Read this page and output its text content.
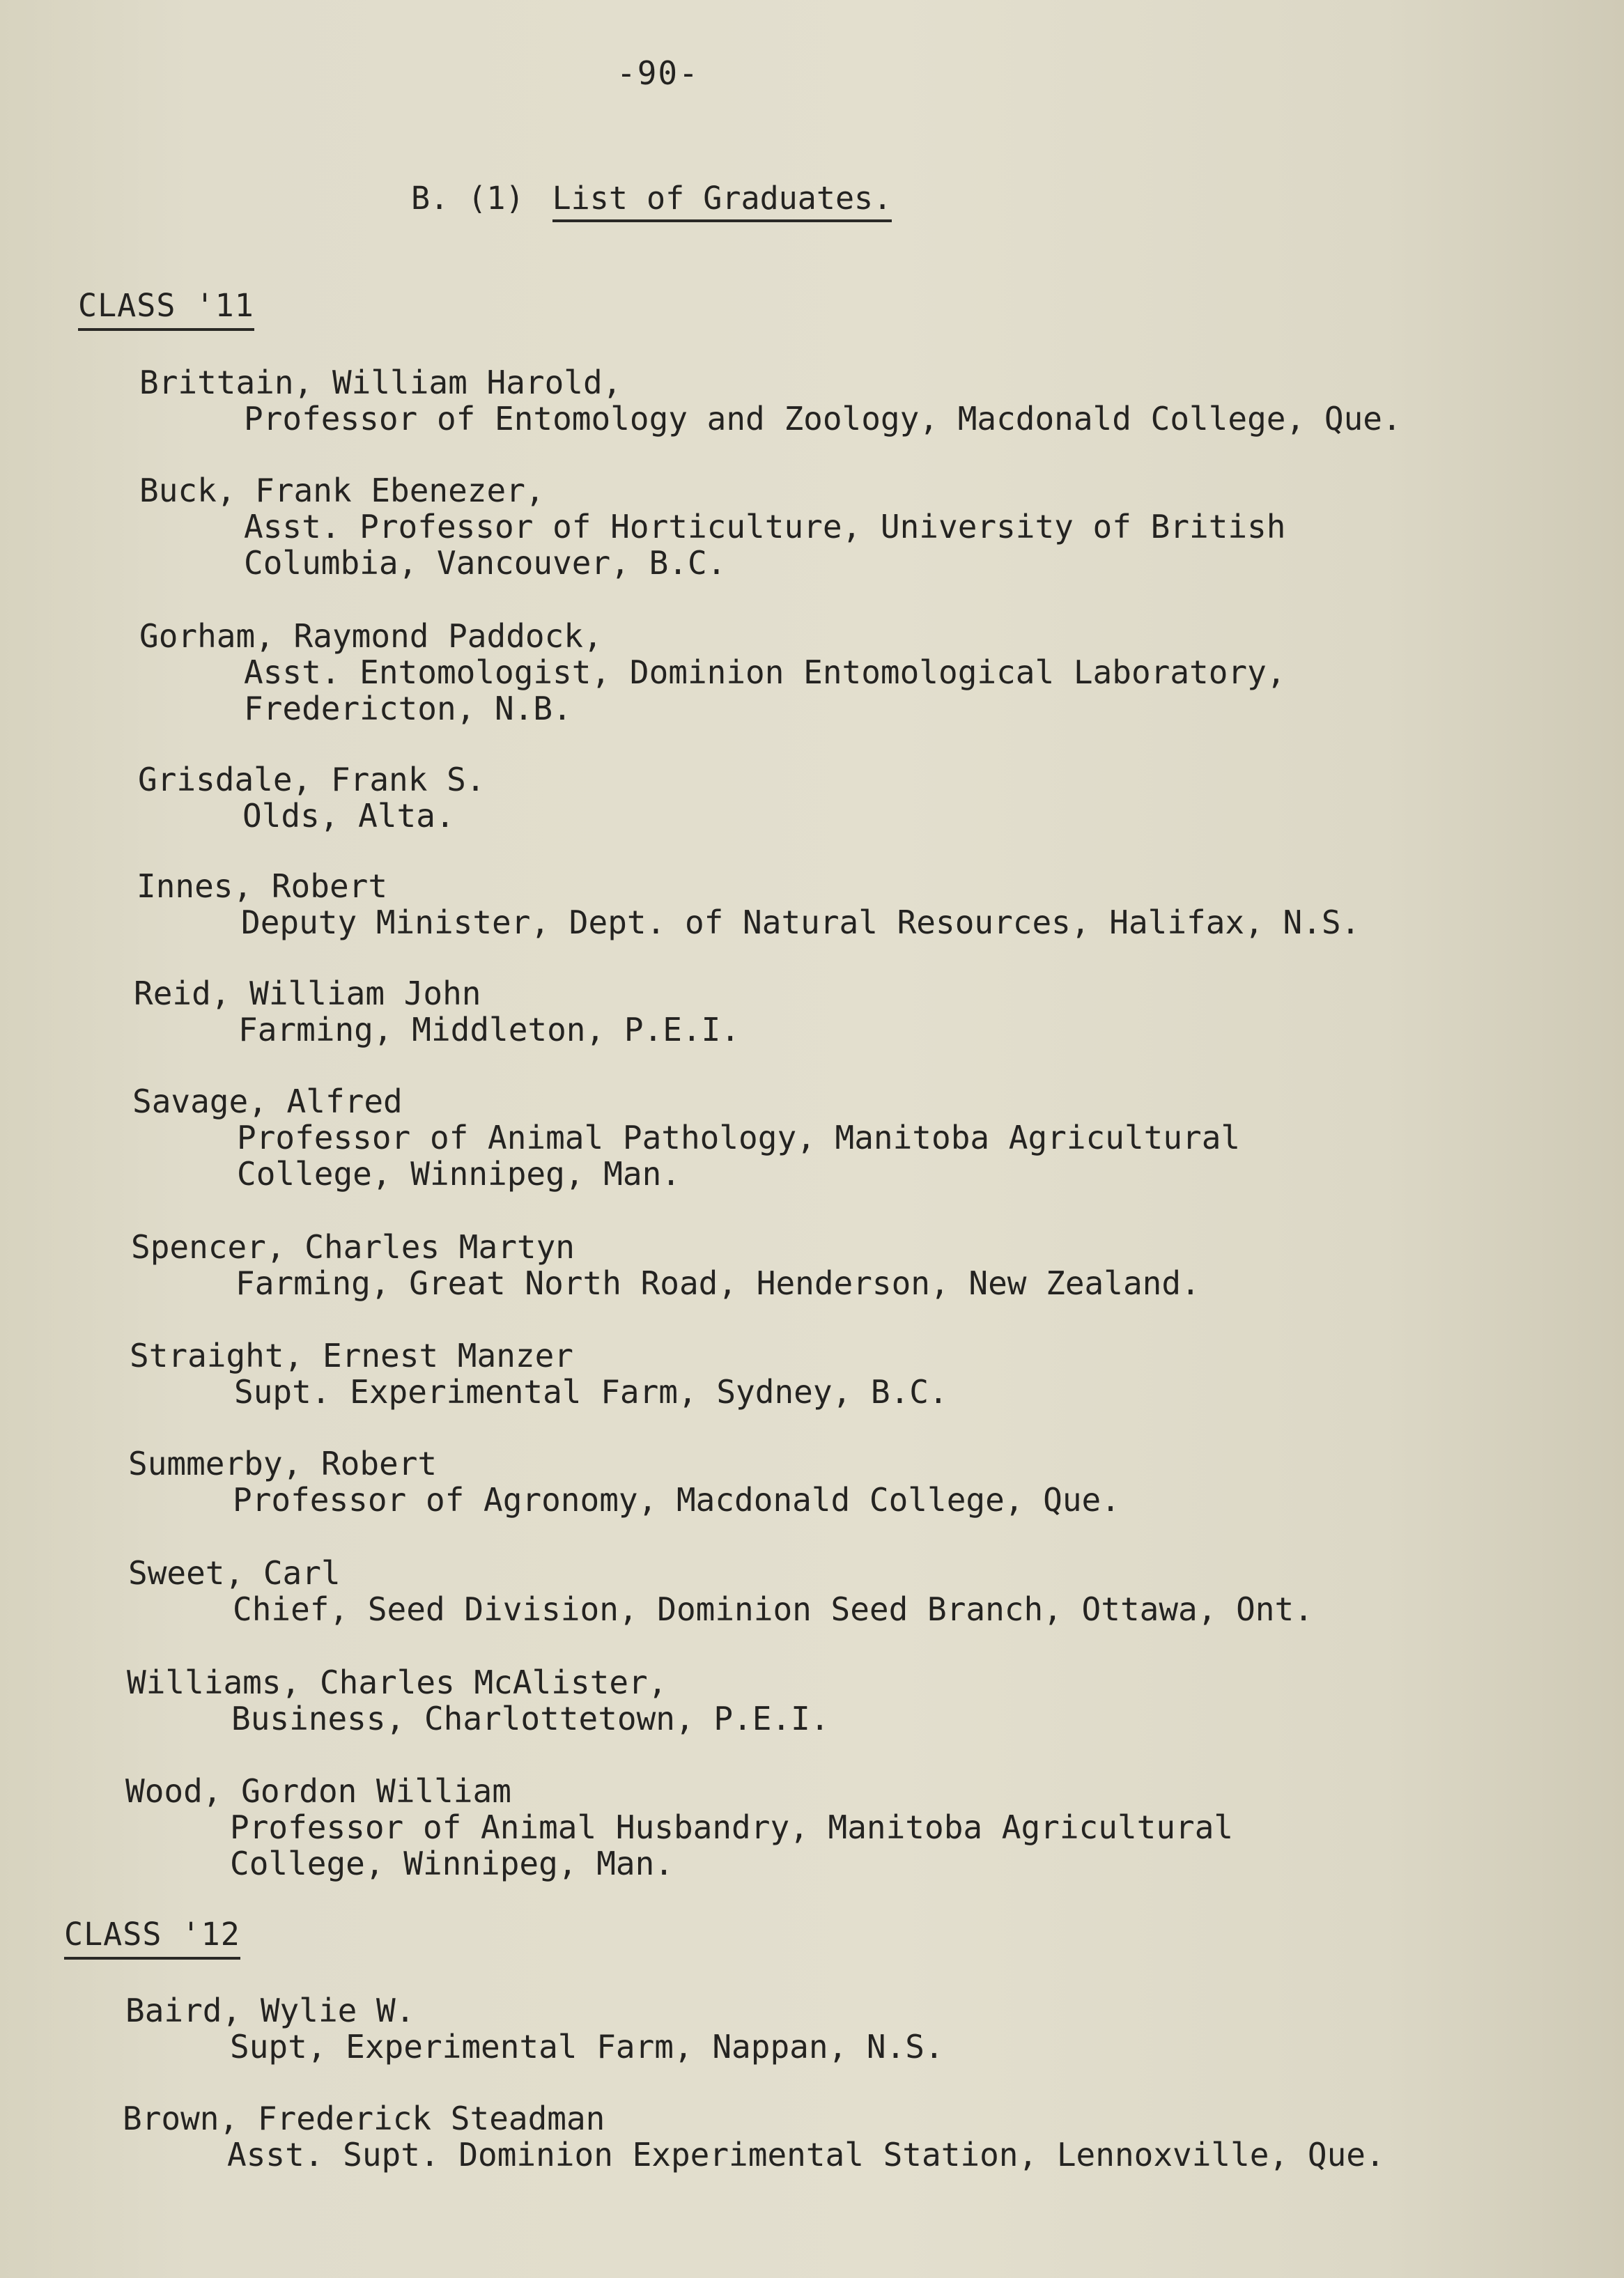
-90-
B. (1) List of Graduates.
CLASS '11
Brittain, William Harold,
Professor of Entomology and Zoology, Macdonald College, Que.
Buck, Frank Ebenezer,
Asst. Professor of Horticulture, University of British
Columbia, Vancouver, B.C.
Gorham, Raymond Paddock,
Asst. Entomologist, Dominion Entomological Laboratory,
Fredericton, N.B.
Grisdale, Frank S.
Olds, Alta.
Innes, Robert
Deputy Minister, Dept. of Natural Resources, Halifax, N.S.
Reid, William John
Farming, Middleton, P.E.I.
Savage, Alfred
Professor of Animal Pathology, Manitoba Agricultural
College, Winnipeg, Man.
Spencer, Charles Martyn
Farming, Great North Road, Henderson, New Zealand.
Straight, Ernest Manzer
Supt. Experimental Farm, Sydney, B.C.
Summerby, Robert
Professor of Agronomy, Macdonald College, Que.
Sweet, Carl
Chief, Seed Division, Dominion Seed Branch, Ottawa, Ont.
Williams, Charles McAlister,
Business, Charlottetown, P.E.I.
Wood, Gordon William
Professor of Animal Husbandry, Manitoba Agricultural
College, Winnipeg, Man.
CLASS '12
Baird, Wylie W.
Supt, Experimental Farm, Nappan, N.S.
Brown, Frederick Steadman
Asst. Supt. Dominion Experimental Station, Lennoxville, Que.
